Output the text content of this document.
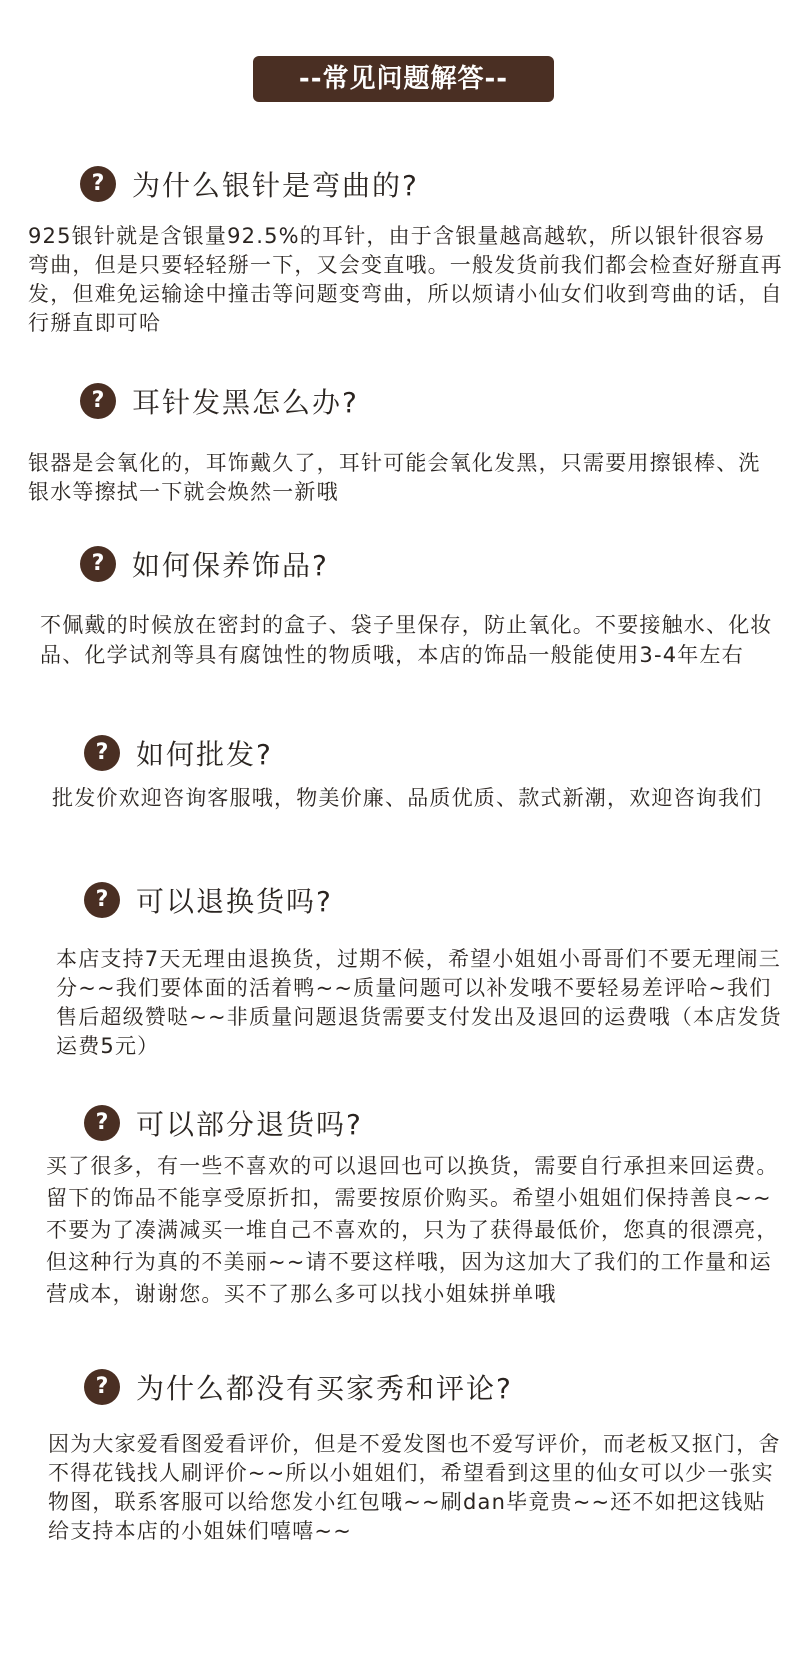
--常见问题解答--
? 为什么银针是弯曲的?

925银针就是含银量92.5%的耳针，由于含银量越高越软，所以银针很容易弯曲，但是只要轻轻掰一下，又会变直哦。一般发货前我们都会检查好掰直再发，但难免运输途中撞击等问题变弯曲，所以烦请小仙女们收到弯曲的话，自行掰直即可哈

? 耳针发黑怎么办?

银器是会氧化的，耳饰戴久了，耳针可能会氧化发黑，只需要用擦银棒、洗银水等擦拭一下就会焕然一新哦

? 如何保养饰品?

不佩戴的时候放在密封的盒子、袋子里保存，防止氧化。不要接触水、化妆品、化学试剂等具有腐蚀性的物质哦，本店的饰品一般能使用3-4年左右

? 如何批发?

批发价欢迎咨询客服哦，物美价廉、品质优质、款式新潮，欢迎咨询我们

? 可以退换货吗?

本店支持7天无理由退换货，过期不候，希望小姐姐小哥哥们不要无理闹三分~~我们要体面的活着鸭~~质量问题可以补发哦不要轻易差评哈~我们售后超级赞哒~~非质量问题退货需要支付发出及退回的运费哦（本店发货运费5元）

? 可以部分退货吗?

买了很多，有一些不喜欢的可以退回也可以换货，需要自行承担来回运费。留下的饰品不能享受原折扣，需要按原价购买。希望小姐姐们保持善良~~不要为了凑满减买一堆自己不喜欢的，只为了获得最低价，您真的很漂亮，但这种行为真的不美丽~~请不要这样哦，因为这加大了我们的工作量和运营成本，谢谢您。买不了那么多可以找小姐妹拼单哦

? 为什么都没有买家秀和评论?

因为大家爱看图爱看评价，但是不爱发图也不爱写评价，而老板又抠门，舍不得花钱找人刷评价~~所以小姐姐们，希望看到这里的仙女可以少一张实物图，联系客服可以给您发小红包哦~~刷dan毕竟贵~~还不如把这钱贴给支持本店的小姐妹们嘻嘻~~
